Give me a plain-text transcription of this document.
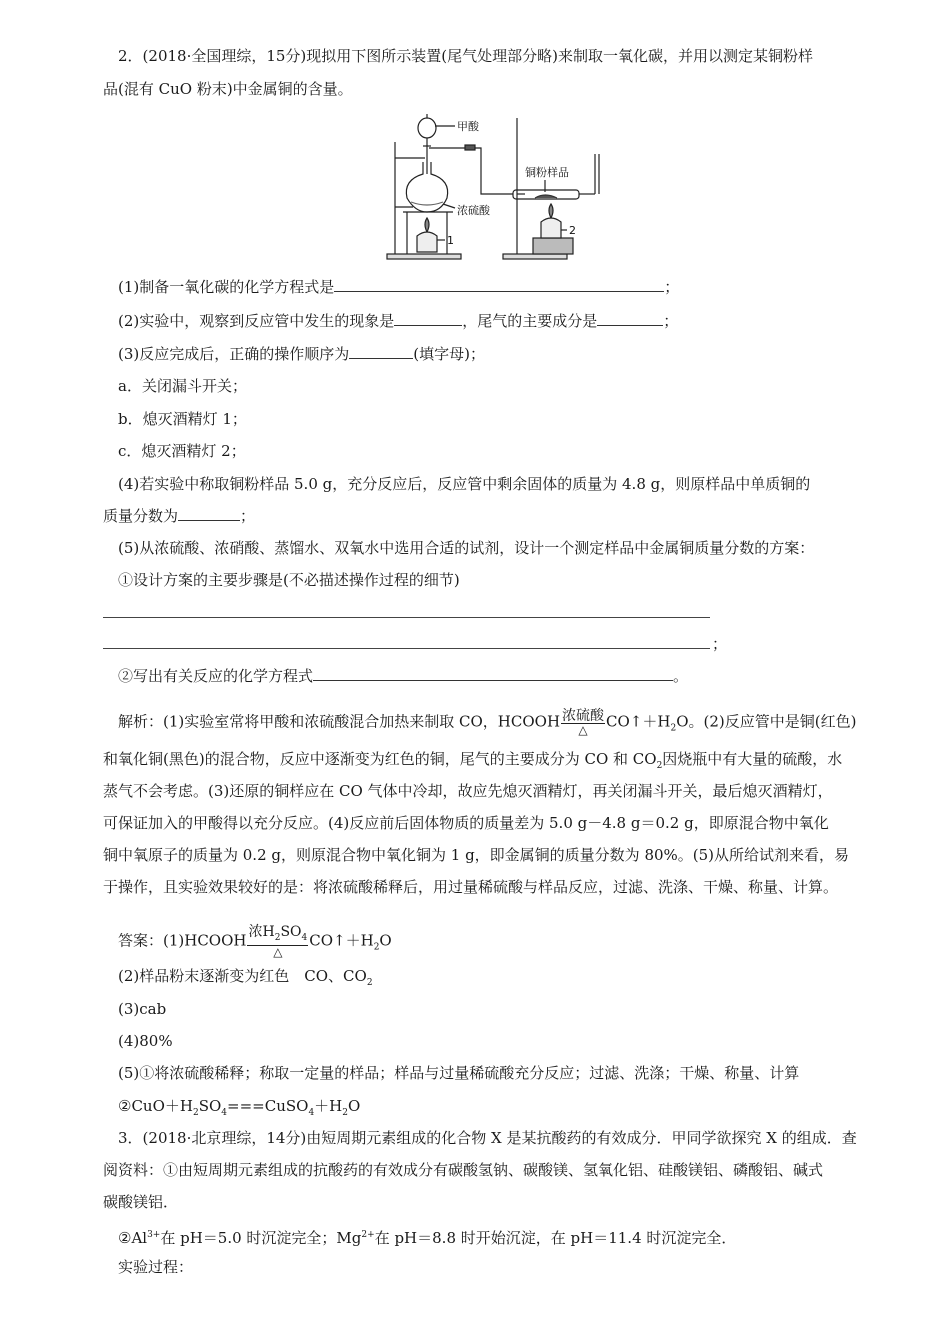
2．(2018·全国理综，15分)现拟用下图所示装置(尾气处理部分略)来制取一氧化碳，并用以测定某铜粉样
品(混有 CuO 粉末)中金属铜的含量。
甲酸
浓硫酸
铜粉样品
1
2
(1)制备一氧化碳的化学方程式是	；
(2)实验中，观察到反应管中发生的现象是	，尾气的主要成分是	；
(3)反应完成后，正确的操作顺序为	(填字母)；
a．关闭漏斗开关；
b．熄灭酒精灯 1；
c．熄灭酒精灯 2；
(4)若实验中称取铜粉样品 5.0 g，充分反应后，反应管中剩余固体的质量为 4.8 g，则原样品中单质铜的
质量分数为	；
(5)从浓硫酸、浓硝酸、蒸馏水、双氧水中选用合适的试剂，设计一个测定样品中金属铜质量分数的方案：
①设计方案的主要步骤是(不必描述操作过程的细节)
；
②写出有关反应的化学方程式	。
解析：(1)实验室常将甲酸和浓硫酸混合加热来制取 CO，HCOOH $\frac{\text{浓硫酸}}{\triangle}$ $CO↑+H_2O$。(2)反应管中是铜(红色)
和氧化铜(黑色)的混合物，反应中逐渐变为红色的铜，尾气的主要成分为 CO 和 $CO_2$因烧瓶中有大量的硫酸，水
蒸气不会考虑。(3)还原的铜样应在 CO 气体中冷却，故应先熄灭酒精灯，再关闭漏斗开关，最后熄灭酒精灯，
可保证加入的甲酸得以充分反应。(4)反应前后固体物质的质量差为 5.0 g－4.8 g＝0.2 g，即原混合物中氧化
铜中氧原子的质量为 0.2 g，则原混合物中氧化铜为 1 g，即金属铜的质量分数为 80%。(5)从所给试剂来看，易
于操作，且实验效果较好的是：将浓硫酸稀释后，用过量稀硫酸与样品反应，过滤、洗涤、干燥、称量、计算。
答案：(1)HCOOH $\frac{浓H_2SO_4}{\triangle}$ $CO↑+H_2O$
(2)样品粉末逐渐变为红色　CO、$CO_2$
(3)cab
(4)80%
(5)①将浓硫酸稀释；称取一定量的样品；样品与过量稀硫酸充分反应；过滤、洗涤；干燥、称量、计算
$②CuO+H_2SO_4===CuSO_4+H_2O$
3．(2018·北京理综，14分)由短周期元素组成的化合物 X 是某抗酸药的有效成分．甲同学欲探究 X 的组成．查
阅资料：①由短周期元素组成的抗酸药的有效成分有碳酸氢钠、碳酸镁、氢氧化铝、硅酸镁铝、磷酸铝、碱式
碳酸镁铝．
$②Al^{3+}$在 pH＝5.0 时沉淀完全；$Mg^{2+}$在 pH＝8.8 时开始沉淀，在 pH＝11.4 时沉淀完全．
实验过程：
